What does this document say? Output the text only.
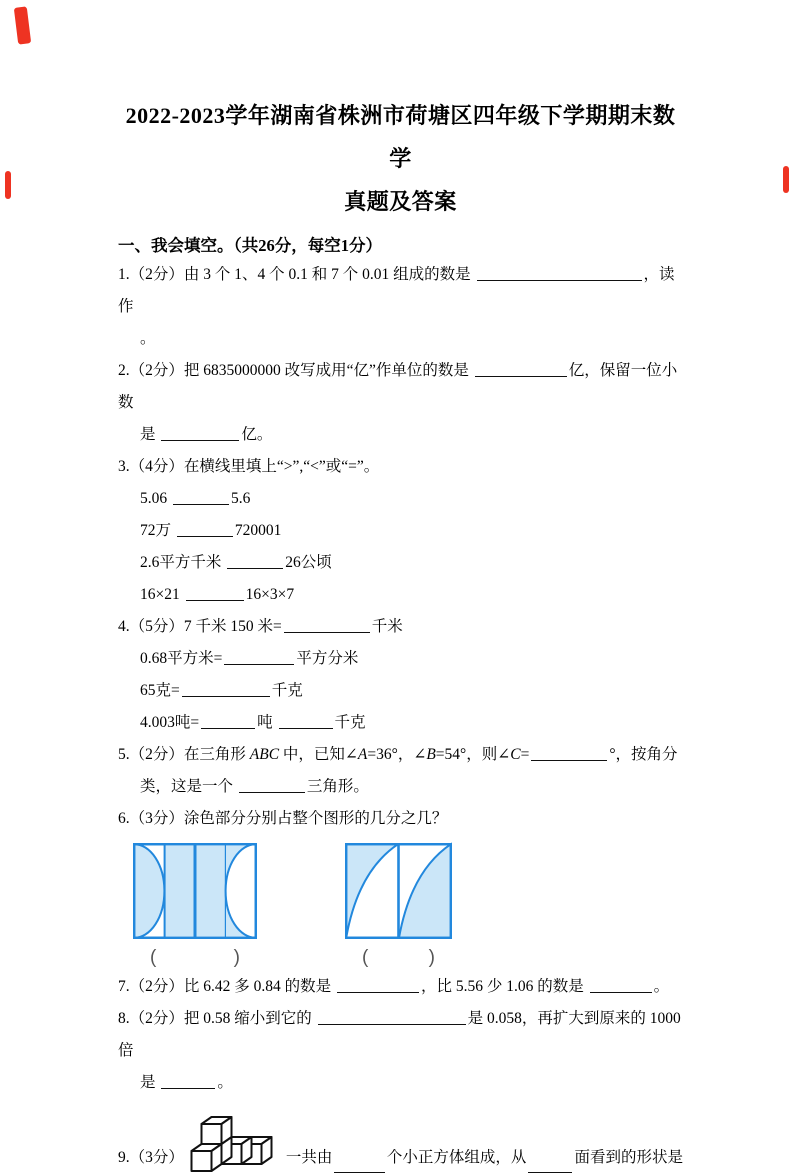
2022-2023学年湖南省株洲市荷塘区四年级下学期期末数学
真题及答案
一、我会填空。（共26分，每空1分）

1.（2分）由 3 个 1、4 个 0.1 和 7 个 0.01 组成的数是	，读作

。

2.（2分）把 6835000000 改写成用“亿”作单位的数是	亿，保留一位小数

是	亿。

3.（4分）在横线里填上“>”,“<”或“=”。

5.06	5.6

72万	720001

2.6平方千米	26公顷

16×21	16×3×7

4.（5分）7 千米 150 米=	千米

0.68平方米=	平方分米

65克=	千克

4.003吨=	吨	千克

5.（2分）在三角形 ABC 中，已知∠A=36°，∠B=54°，则∠C=	°，按角分

类，这是一个	三角形。

6.（3分）涂色部分分别占整个图形的几分之几？

(	)	(	)

7.（2分）比 6.42 多 0.84 的数是	，比 5.56 少 1.06 的数是	。

8.（2分）把 0.58 缩小到它的	是 0.058，再扩大到原来的 1000 倍

是	。

9.（3分）	一共由	个小正方体组成，从	面看到的形状是
